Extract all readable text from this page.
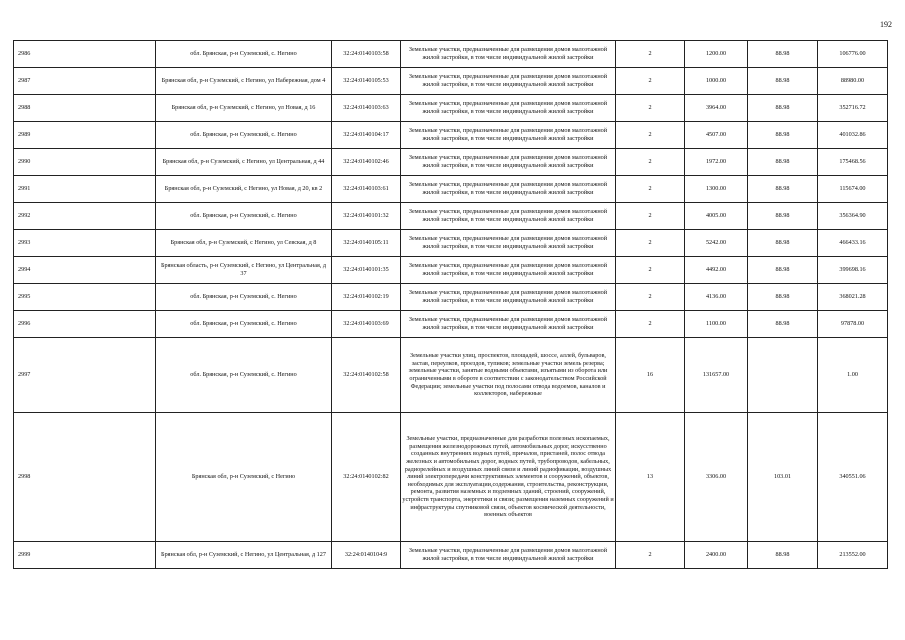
192
2986	обл. Брянская, р-н Суземский, с. Негино	32:24:0140103:58	Земельные участки, предназначенные для размещения домов малоэтажной жилой застройки, в том числе индивидуальной жилой застройки	2	1200.00	88.98	106776.00
2987	Брянская обл, р-н Суземский, с Негино, ул Набережная, дом 4	32:24:0140105:53	Земельные участки, предназначенные для размещения домов малоэтажной жилой застройки, в том числе индивидуальной жилой застройки	2	1000.00	88.98	88980.00
2988	Брянская обл, р-н Суземский, с Негино, ул Новая, д 16	32:24:0140103:63	Земельные участки, предназначенные для размещения домов малоэтажной жилой застройки, в том числе индивидуальной жилой застройки	2	3964.00	88.98	352716.72
2989	обл. Брянская, р-н Суземский, с. Негино	32:24:0140104:17	Земельные участки, предназначенные для размещения домов малоэтажной жилой застройки, в том числе индивидуальной жилой застройки	2	4507.00	88.98	401032.86
2990	Брянская обл, р-н Суземский, с Негино, ул Центральная, д 44	32:24:0140102:46	Земельные участки, предназначенные для размещения домов малоэтажной жилой застройки, в том числе индивидуальной жилой застройки	2	1972.00	88.98	175468.56
2991	Брянская обл, р-н Суземский, с Негино, ул Новая, д 20, кв 2	32:24:0140103:61	Земельные участки, предназначенные для размещения домов малоэтажной жилой застройки, в том числе индивидуальной жилой застройки	2	1300.00	88.98	115674.00
2992	обл. Брянская, р-н Суземский, с. Негино	32:24:0140101:32	Земельные участки, предназначенные для размещения домов малоэтажной жилой застройки, в том числе индивидуальной жилой застройки	2	4005.00	88.98	356364.90
2993	Брянская обл, р-н Суземский, с Негино, ул Севская, д 8	32:24:0140105:11	Земельные участки, предназначенные для размещения домов малоэтажной жилой застройки, в том числе индивидуальной жилой застройки	2	5242.00	88.98	466433.16
2994	Брянская область, р-н Суземский, с Негино, ул Центральная, д 37	32:24:0140101:35	Земельные участки, предназначенные для размещения домов малоэтажной жилой застройки, в том числе индивидуальной жилой застройки	2	4492.00	88.98	399698.16
2995	обл. Брянская, р-н Суземский, с. Негино	32:24:0140102:19	Земельные участки, предназначенные для размещения домов малоэтажной жилой застройки, в том числе индивидуальной жилой застройки	2	4136.00	88.98	368021.28
2996	обл. Брянская, р-н Суземский, с. Негино	32:24:0140103:69	Земельные участки, предназначенные для размещения домов малоэтажной жилой застройки, в том числе индивидуальной жилой застройки	2	1100.00	88.98	97878.00
2997	обл. Брянская, р-н Суземский, с. Негино	32:24:0140102:58	Земельные участки улиц, проспектов, площадей, шоссе, аллей, бульваров, застав, переулков, проездов, тупиков; земельные участки земель резерва; земельные участки, занятые водными объектами, изъятыми из оборота или ограниченными в обороте в соответствии с законодательством Российской Федерации; земельные участки под полосами отвода водоемов, каналов и коллекторов, набережные	16	131657.00		1.00
2998	Брянская обл, р-н Суземский, с Негино	32:24:0140102:82	Земельные участки, предназначенные для разработки полезных ископаемых, размещения железнодорожных путей, автомобильных дорог, искусственно созданных внутренних водных путей, причалов, пристаней, полос отвода железных и автомобильных дорог, водных путей, трубопроводов, кабельных, радиорелейных и воздушных линий связи и линий радиофикации, воздушных линий электропередачи конструктивных элементов и сооружений, объектов, необходимых для эксплуатации,содержания, строительства, реконструкции, ремонта, развития наземных и подземных зданий, строений, сооружений, устройств транспорта, энергетики и связи; размещения наземных сооружений и инфраструктуры спутниковой связи, объектов космической деятельности, военных объектов	13	3306.00	103.01	340551.06
2999	Брянская обл, р-н Суземский, с Негино, ул Центральная, д 127	32:24:0140104:9	Земельные участки, предназначенные для размещения домов малоэтажной жилой застройки, в том числе индивидуальной жилой застройки	2	2400.00	88.98	213552.00
